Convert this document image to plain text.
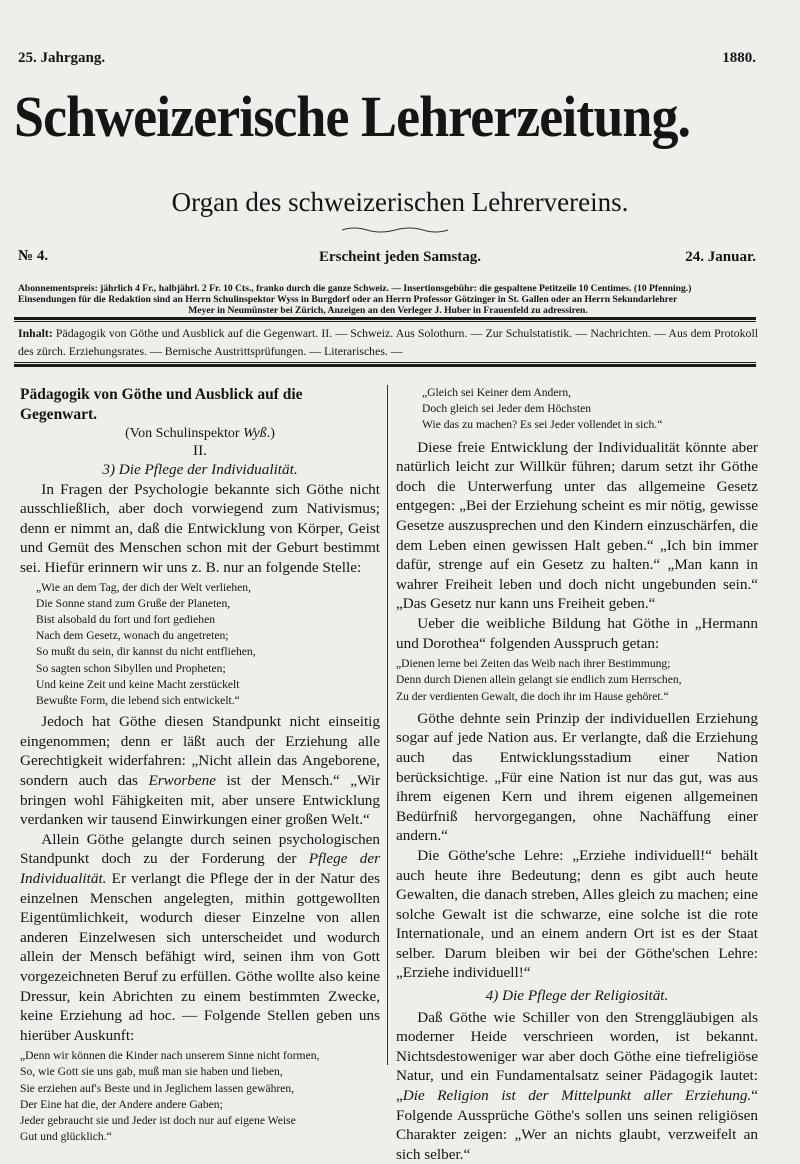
25. Jahrgang.	1880.
Schweizerische Lehrerzeitung.
Organ des schweizerischen Lehrervereins.
№ 4.	Erscheint jeden Samstag.	24. Januar.
Abonnementspreis: jährlich 4 Fr., halbjährl. 2 Fr. 10 Cts., franko durch die ganze Schweiz. — Insertionsgebühr: die gespaltene Petitzeile 10 Centimes. (10 Pfenning.)
Einsendungen für die Redaktion sind an Herrn Schulinspektor Wyss in Burgdorf oder an Herrn Professor Götzinger in St. Gallen oder an Herrn Sekundarlehrer
Meyer in Neumünster bei Zürich, Anzeigen an den Verleger J. Huber in Frauenfeld zu adressiren.
Inhalt: Pädagogik von Göthe und Ausblick auf die Gegenwart. II. — Schweiz. Aus Solothurn. — Zur Schulstatistik. — Nachrichten. — Aus dem Protokoll des zürch. Erziehungsrates. — Bernische Austrittsprüfungen. — Literarisches. —
Pädagogik von Göthe und Ausblick auf die Gegenwart.
(Von Schulinspektor Wyß.)
II.
3) Die Pflege der Individualität.

In Fragen der Psychologie bekannte sich Göthe nicht ausschließlich, aber doch vorwiegend zum Nativismus; denn er nimmt an, daß die Entwicklung von Körper, Geist und Gemüt des Menschen schon mit der Geburt bestimmt sei. Hiefür erinnern wir uns z. B. nur an folgende Stelle:

„Wie an dem Tag, der dich der Welt verliehen,
Die Sonne stand zum Gruße der Planeten,
Bist alsobald du fort und fort gediehen
Nach dem Gesetz, wonach du angetreten;
So mußt du sein, dir kannst du nicht entfliehen,
So sagten schon Sibyllen und Propheten;
Und keine Zeit und keine Macht zerstückelt
Bewußte Form, die lebend sich entwickelt.“

Jedoch hat Göthe diesen Standpunkt nicht einseitig eingenommen; denn er läßt auch der Erziehung alle Gerechtigkeit widerfahren: „Nicht allein das Angeborene, sondern auch das Erworbene ist der Mensch.“ „Wir bringen wohl Fähigkeiten mit, aber unsere Entwicklung verdanken wir tausend Einwirkungen einer großen Welt.“

Allein Göthe gelangte durch seinen psychologischen Standpunkt doch zu der Forderung der Pflege der Individualität. Er verlangt die Pflege der in der Natur des einzelnen Menschen angelegten, mithin gottgewollten Eigentümlichkeit, wodurch dieser Einzelne von allen anderen Einzelwesen sich unterscheidet und wodurch allein der Mensch befähigt wird, seinen ihm von Gott vorgezeichneten Beruf zu erfüllen. Göthe wollte also keine Dressur, kein Abrichten zu einem bestimmten Zwecke, keine Erziehung ad hoc. — Folgende Stellen geben uns hierüber Auskunft:

„Denn wir können die Kinder nach unserem Sinne nicht formen,
So, wie Gott sie uns gab, muß man sie haben und lieben,
Sie erziehen auf's Beste und in Jeglichem lassen gewähren,
Der Eine hat die, der Andere andere Gaben;
Jeder gebraucht sie und Jeder ist doch nur auf eigene Weise
Gut und glücklich.“
„Gleich sei Keiner dem Andern,
Doch gleich sei Jeder dem Höchsten
Wie das zu machen? Es sei Jeder vollendet in sich.“

Diese freie Entwicklung der Individualität könnte aber natürlich leicht zur Willkür führen; darum setzt ihr Göthe doch die Unterwerfung unter das allgemeine Gesetz entgegen: „Bei der Erziehung scheint es mir nötig, gewisse Gesetze auszusprechen und den Kindern einzuschärfen, die dem Leben einen gewissen Halt geben.“ „Ich bin immer dafür, strenge auf ein Gesetz zu halten.“ „Man kann in wahrer Freiheit leben und doch nicht ungebunden sein.“ „Das Gesetz nur kann uns Freiheit geben.“

Ueber die weibliche Bildung hat Göthe in „Hermann und Dorothea“ folgenden Ausspruch getan:

„Dienen lerne bei Zeiten das Weib nach ihrer Bestimmung;
Denn durch Dienen allein gelangt sie endlich zum Herrschen,
Zu der verdienten Gewalt, die doch ihr im Hause gehöret.“

Göthe dehnte sein Prinzip der individuellen Erziehung sogar auf jede Nation aus. Er verlangte, daß die Erziehung auch das Entwicklungsstadium einer Nation berücksichtige. „Für eine Nation ist nur das gut, was aus ihrem eigenen Kern und ihrem eigenen allgemeinen Bedürfniß hervorgegangen, ohne Nachäffung einer andern.“

Die Göthe'sche Lehre: „Erziehe individuell!“ behält auch heute ihre Bedeutung; denn es gibt auch heute Gewalten, die danach streben, Alles gleich zu machen; eine solche Gewalt ist die schwarze, eine solche ist die rote Internationale, und an einem andern Ort ist es der Staat selber. Darum bleiben wir bei der Göthe'schen Lehre: „Erziehe individuell!“

4) Die Pflege der Religiosität.

Daß Göthe wie Schiller von den Strenggläubigen als moderner Heide verschrieen worden, ist bekannt. Nichtsdestoweniger war aber doch Göthe eine tiefreligiöse Natur, und ein Fundamentalsatz seiner Pädagogik lautet: „Die Religion ist der Mittelpunkt aller Erziehung.“ Folgende Aussprüche Göthe's sollen uns seinen religiösen Charakter zeigen: „Wer an nichts glaubt, verzweifelt an sich selber.“
